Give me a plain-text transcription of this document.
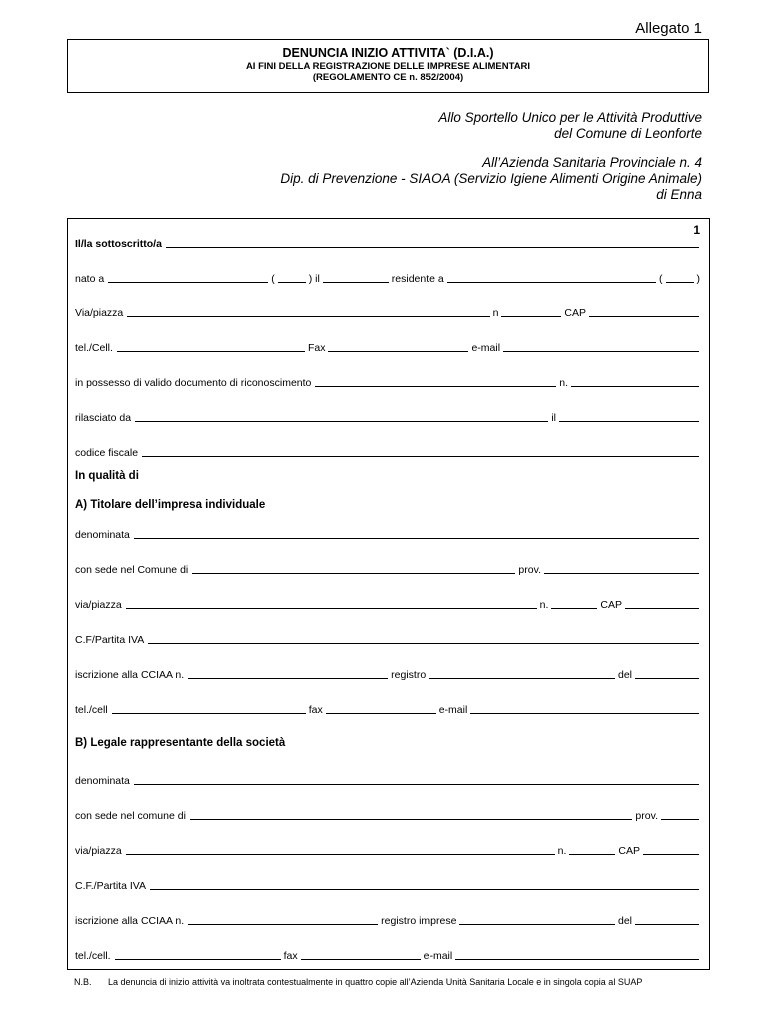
Allegato 1
DENUNCIA INIZIO ATTIVITA` (D.I.A.)
AI FINI DELLA REGISTRAZIONE DELLE IMPRESE ALIMENTARI
(REGOLAMENTO CE n. 852/2004)
Allo Sportello Unico per le Attività Produttive
del Comune di Leonforte
All’Azienda Sanitaria Provinciale n. 4
Dip. di Prevenzione - SIAOA (Servizio Igiene Alimenti Origine Animale)
di Enna
1
Il/la sottoscritto/a
nato a	(	) il	residente a	(	)
Via/piazza	n	CAP
tel./Cell.	Fax	e-mail
in possesso di valido documento di riconoscimento	n.
rilasciato da	il
codice fiscale
In qualità di
A) Titolare dell’impresa individuale
denominata
con sede nel Comune di	prov.
via/piazza	n.	CAP
C.F/Partita IVA
iscrizione alla CCIAA n.	registro	del
tel./cell	fax	e-mail
B) Legale rappresentante della società
denominata
con sede nel comune di	prov.
via/piazza	n.	CAP
C.F./Partita IVA
iscrizione alla CCIAA n.	registro imprese	del
tel./cell.	fax	e-mail
N.B.	La denuncia di inizio attività va inoltrata contestualmente in quattro copie all’Azienda Unità Sanitaria Locale e in singola copia al SUAP
